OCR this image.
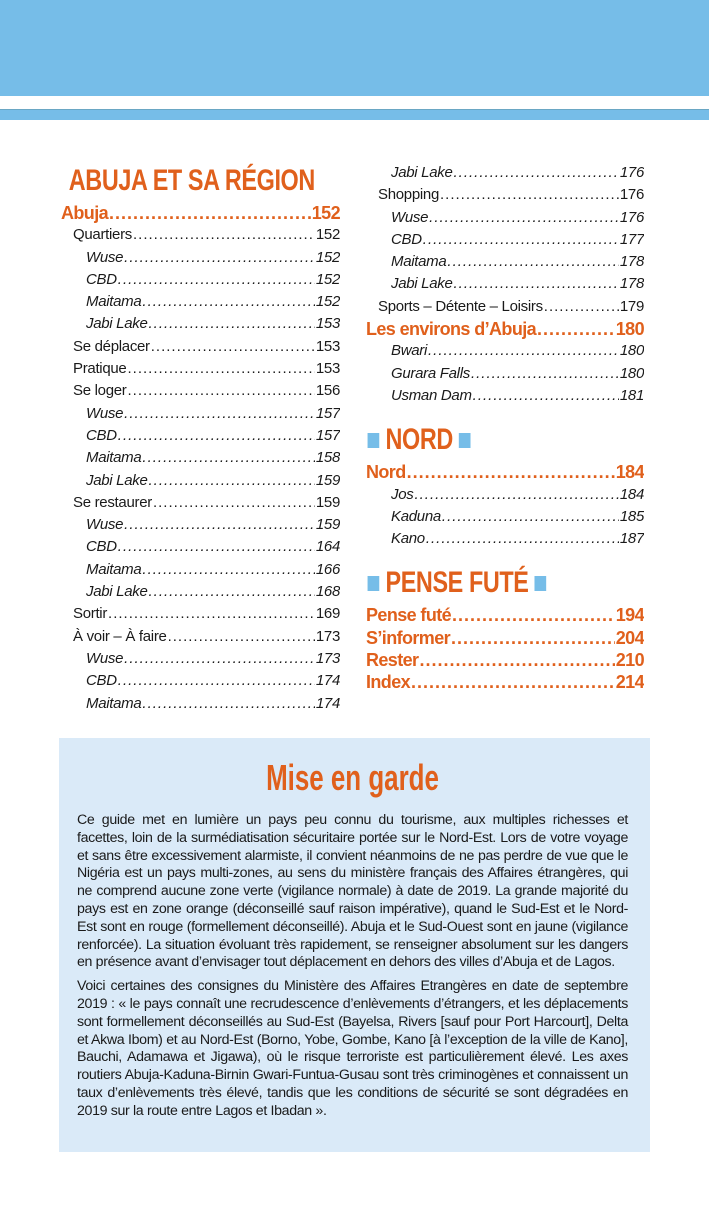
ABUJA ET SA RÉGION
Abuja .....	152
Quartiers .....	152
Wuse .....	152
CBD .....	152
Maitama .....	152
Jabi Lake .....	153
Se déplacer .....	153
Pratique .....	153
Se loger .....	156
Wuse .....	157
CBD .....	157
Maitama .....	158
Jabi Lake .....	159
Se restaurer .....	159
Wuse .....	159
CBD .....	164
Maitama .....	166
Jabi Lake .....	168
Sortir .....	169
À voir – À faire .....	173
Wuse .....	173
CBD .....	174
Maitama .....	174
Jabi Lake .....	176
Shopping .....	176
Wuse .....	176
CBD .....	177
Maitama .....	178
Jabi Lake .....	178
Sports – Détente – Loisirs .....	179
Les environs d’Abuja .....	180
Bwari .....	180
Gurara Falls .....	180
Usman Dam .....	181
NORD
Nord .....	184
Jos .....	184
Kaduna .....	185
Kano .....	187
PENSE FUTÉ
Pense futé .....	194
S’informer .....	204
Rester .....	210
Index .....	214
Mise en garde

Ce guide met en lumière un pays peu connu du tourisme, aux multiples richesses et facettes, loin de la surmédiatisation sécuritaire portée sur le Nord-Est. Lors de votre voyage et sans être excessivement alarmiste, il convient néanmoins de ne pas perdre de vue que le Nigéria est un pays multi-zones, au sens du ministère français des Affaires étrangères, qui ne comprend aucune zone verte (vigilance normale) à date de 2019. La grande majorité du pays est en zone orange (déconseillé sauf raison impérative), quand le Sud-Est et le Nord-Est sont en rouge (formellement déconseillé). Abuja et le Sud-Ouest sont en jaune (vigilance renforcée). La situation évoluant très rapidement, se renseigner absolument sur les dangers en présence avant d’envisager tout déplacement en dehors des villes d’Abuja et de Lagos.

Voici certaines des consignes du Ministère des Affaires Etrangères en date de septembre 2019 : « le pays connaît une recrudescence d’enlèvements d’étrangers, et les déplacements sont formellement déconseillés au Sud-Est (Bayelsa, Rivers [sauf pour Port Harcourt], Delta et Akwa Ibom) et au Nord-Est (Borno, Yobe, Gombe, Kano [à l’exception de la ville de Kano], Bauchi, Adamawa et Jigawa), où le risque terroriste est particulièrement élevé. Les axes routiers Abuja-Kaduna-Birnin Gwari-Funtua-Gusau sont très criminogènes et connaissent un taux d’enlèvements très élevé, tandis que les conditions de sécurité se sont dégradées en 2019 sur la route entre Lagos et Ibadan ».
